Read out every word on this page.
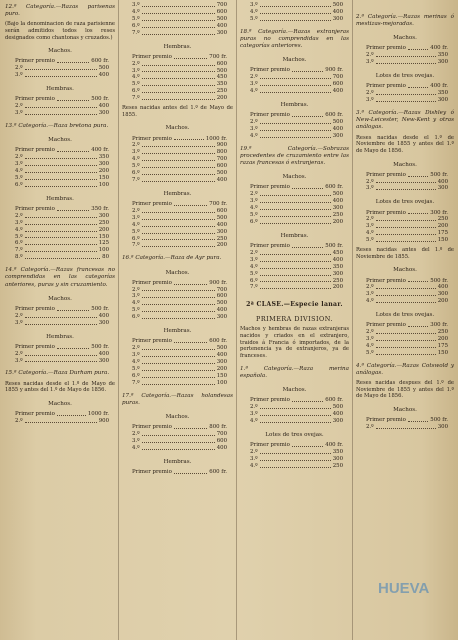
12.ª Categoría.—Razas parisenas puro.
(Bajo la denominacion de raza parisienne serán admitidos todos los reses designados como chantonas y cruzados.)
Machos.
Primer premio	600 fr.
2.º	500
3.º	400
Hembras.
Primer premio	500 fr.
2.º	400
3.º	300
13.ª Categoría.—Raza bretona pura.
Machos.
Primer premio	400 fr.
2.º	350
3.º	300
4.º	200
5.º	150
6.º	100
Hembras.
Primer premio	350 fr.
2.º	300
3.º	250
4.º	200
5.º	150
6.º	125
7.º	100
8.º	80
14.ª Categoría.—Razas francesas no comprendidas en las categorías anteriores, puras y sin cruzamiento.
Machos.
Primer premio	500 fr.
2.º	400
3.º	300
Hembras.
Primer premio	500 fr.
2.º	400
3.º	300
15.ª Categoría.—Raza Durham pura.
Reses nacidas desde el 1.º de Mayo de 1855 y antes del 1.º de Mayo de 1856.
Machos.
Primer premio	1000 fr.
2.º	900
3.º	700
4.º	600
5.º	500
6.º	400
7.º	300
Hembras.
Primer premio	700 fr.
2.º	600
3.º	500
4.º	450
5.º	350
6.º	250
7.º	200
Reses nacidas antes del 1.º de Mayo de 1855.
Machos.
Primer premio	1000 fr.
2.º	900
3.º	800
4.º	700
5.º	600
6.º	500
7.º	400
Hembras.
Primer premio	700 fr.
2.º	600
3.º	500
4.º	400
5.º	300
6.º	250
7.º	200
16.ª Categoría.—Raza de Ayr pura.
Machos.
Primer premio	900 fr.
2.º	700
3.º	600
4.º	500
5.º	400
6.º	300
Hembras.
Primer premio	600 fr.
2.º	500
3.º	400
4.º	300
5.º	200
6.º	150
7.º	100
17.ª Categoría.—Razas holandesas puras.
Machos.
Primer premio	800 fr.
2.º	700
3.º	600
4.º	400
Hembras.
Primer premio	600 fr.
3.º	500
4.º	400
5.º	300
18.ª Categoría.—Razas extranjeras puras no comprendidas en las categorías anteriores.
Machos.
Primer premio	900 fr.
2.º	700
3.º	600
4.º	400
Hembras.
Primer premio	600 fr.
2.º	500
3.º	400
4.º	300
19.ª Categoría.—Sobrazas procedentes de cruzamiento entre las razas francesas ó extranjeras.
Machos.
Primer premio	600 fr.
2.º	500
3.º	400
4.º	300
5.º	250
6.º	200
Hembras.
Primer premio	500 fr.
2.º	450
3.º	400
4.º	350
5.º	300
6.º	250
7.º	200
2ª CLASE.—Especie lanar.
PRIMERA DIVISION.
Machos y hembras de razas extranjeras nacidos y criados en el extranjero, traidos á Francia ó importados, de la pertenencia ya de extranjeros, ya de franceses.
1.ª Categoría.—Raza merina española.
Machos.
Primer premio	600 fr.
2.º	500
3.º	400
4.º	300
Lotes de tres ovejas.
Primer premio	400 fr.
2.º	350
3.º	300
4.º	250
2.ª Categoría.—Razas merinas ó mestizas-mejoradas.
Machos.
Primer premio	400 fr.
2.º	350
3.º	300
Lotes de tres ovejas.
Primer premio	400 fr.
2.º	350
3.º	300
3.ª Categoría.—Razas Dishley ó New-Leicester, New-Kent y otras análogas.
Reses nacidas desde el 1.º de Noviembre de 1855 y antes del 1.º de Mayo de 1856.
Machos.
Primer premio	500 fr.
2.º	400
3.º	300
Lotes de tres ovejas.
Primer premio	300 fr.
2.º	250
3.º	200
4.º	175
5.º	150
Reses nacidas antes del 1.º de Noviembre de 1855.
Machos.
Primer premio	500 fr.
2.º	400
3.º	300
4.º	200
Lotes de tres ovejas.
Primer premio	300 fr.
2.º	250
3.º	200
4.º	175
5.º	150
4.ª Categoría.—Razas Cotswold y análogas.
Reses nacidas despues del 1.º de Noviembre de 1855 y antes del 1.º de Mayo de 1856.
Machos.
Primer premio	500 fr.
2.º	300
HUEVA
